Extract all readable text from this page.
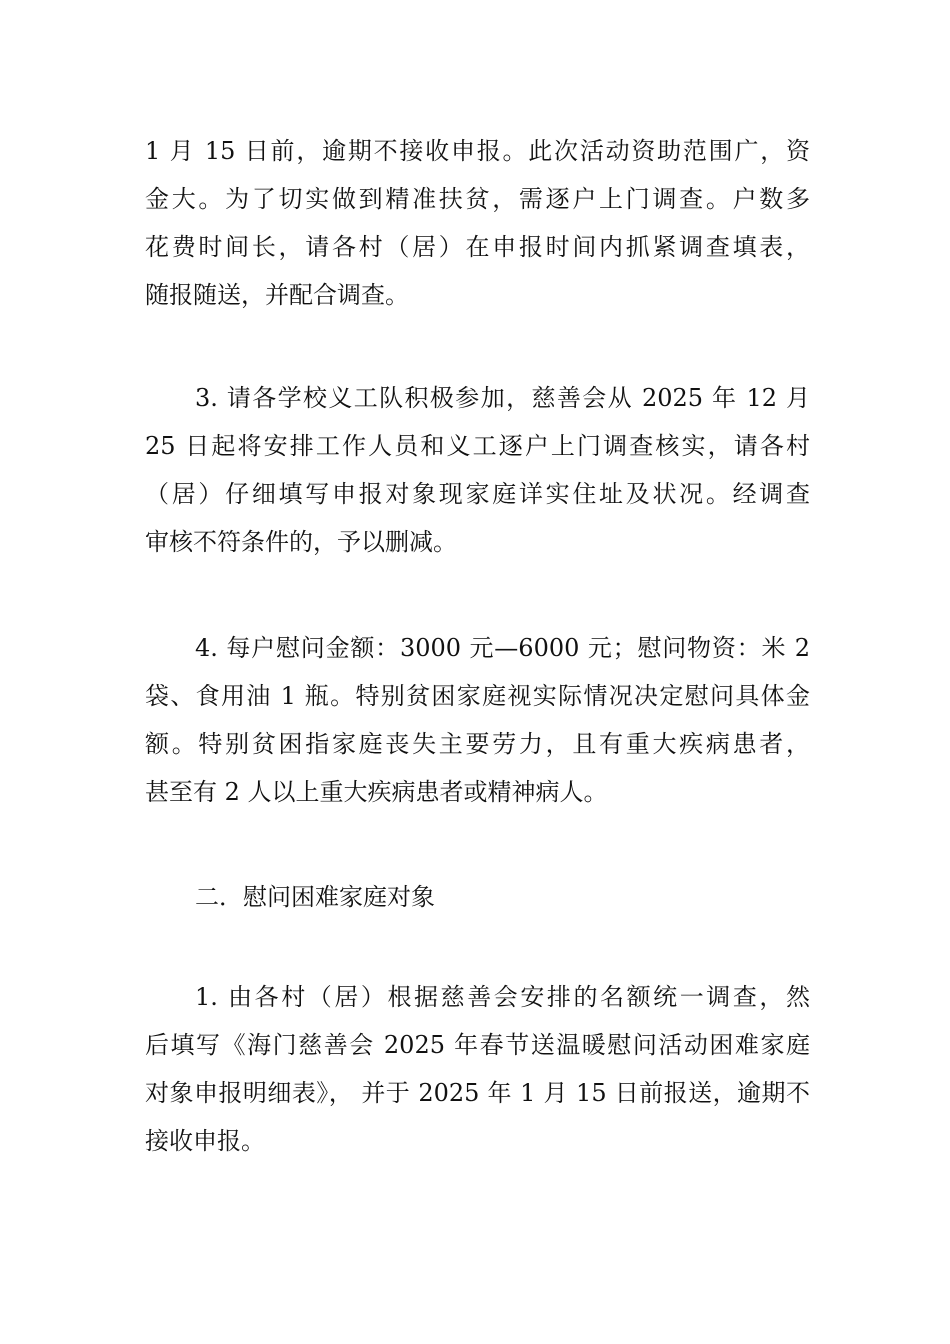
1 月 15 日前，逾期不接收申报。此次活动资助范围广，资
金大。为了切实做到精准扶贫，需逐户上门调查。户数多
花费时间长，请各村（居）在申报时间内抓紧调查填表，
随报随送，并配合调查。
3. 请各学校义工队积极参加，慈善会从 2025 年 12 月
25 日起将安排工作人员和义工逐户上门调查核实，请各村
（居）仔细填写申报对象现家庭详实住址及状况。经调查
审核不符条件的，予以删减。
4. 每户慰问金额：3000 元—6000 元；慰问物资：米 2
袋、食用油 1 瓶。特别贫困家庭视实际情况决定慰问具体金
额。特别贫困指家庭丧失主要劳力，且有重大疾病患者，
甚至有 2 人以上重大疾病患者或精神病人。

二．慰问困难家庭对象

1. 由各村（居）根据慈善会安排的名额统一调查，然
后填写《海门慈善会 2025 年春节送温暖慰问活动困难家庭
对象申报明细表》， 并于 2025 年 1 月 15 日前报送，逾期不
接收申报。
